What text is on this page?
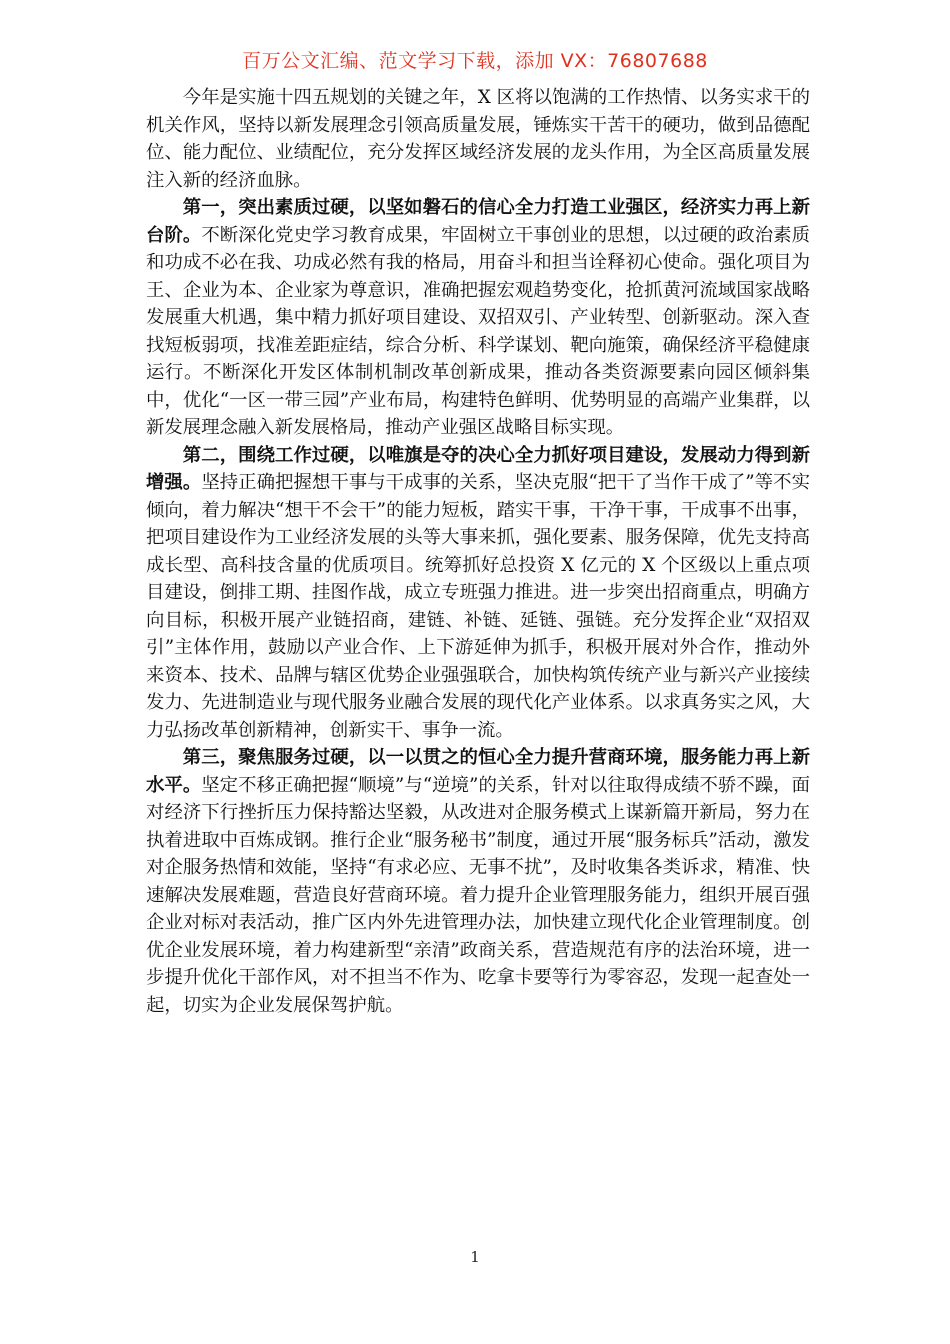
百万公文汇编、范文学习下载，添加 VX：76807688

今年是实施十四五规划的关键之年，X 区将以饱满的工作热情、以务实求干的机关作风，坚持以新发展理念引领高质量发展，锤炼实干苦干的硬功，做到品德配位、能力配位、业绩配位，充分发挥区域经济发展的龙头作用，为全区高质量发展注入新的经济血脉。

第一，突出素质过硬，以坚如磐石的信心全力打造工业强区，经济实力再上新台阶。不断深化党史学习教育成果，牢固树立干事创业的思想，以过硬的政治素质和功成不必在我、功成必然有我的格局，用奋斗和担当诠释初心使命。强化项目为王、企业为本、企业家为尊意识，准确把握宏观趋势变化，抢抓黄河流域国家战略发展重大机遇，集中精力抓好项目建设、双招双引、产业转型、创新驱动。深入查找短板弱项，找准差距症结，综合分析、科学谋划、靶向施策，确保经济平稳健康运行。不断深化开发区体制机制改革创新成果，推动各类资源要素向园区倾斜集中，优化“一区一带三园”产业布局，构建特色鲜明、优势明显的高端产业集群，以新发展理念融入新发展格局，推动产业强区战略目标实现。

第二，围绕工作过硬，以唯旗是夺的决心全力抓好项目建设，发展动力得到新增强。坚持正确把握想干事与干成事的关系，坚决克服“把干了当作干成了”等不实倾向，着力解决“想干不会干”的能力短板，踏实干事，干净干事，干成事不出事，把项目建设作为工业经济发展的头等大事来抓，强化要素、服务保障，优先支持高成长型、高科技含量的优质项目。统筹抓好总投资 X 亿元的 X 个区级以上重点项目建设，倒排工期、挂图作战，成立专班强力推进。进一步突出招商重点，明确方向目标，积极开展产业链招商，建链、补链、延链、强链。充分发挥企业“双招双引”主体作用，鼓励以产业合作、上下游延伸为抓手，积极开展对外合作，推动外来资本、技术、品牌与辖区优势企业强强联合，加快构筑传统产业与新兴产业接续发力、先进制造业与现代服务业融合发展的现代化产业体系。以求真务实之风，大力弘扬改革创新精神，创新实干、事争一流。

第三，聚焦服务过硬，以一以贯之的恒心全力提升营商环境，服务能力再上新水平。坚定不移正确把握“顺境”与“逆境”的关系，针对以往取得成绩不骄不躁，面对经济下行挫折压力保持豁达坚毅，从改进对企服务模式上谋新篇开新局，努力在执着进取中百炼成钢。推行企业“服务秘书”制度，通过开展“服务标兵”活动，激发对企服务热情和效能，坚持“有求必应、无事不扰”，及时收集各类诉求，精准、快速解决发展难题，营造良好营商环境。着力提升企业管理服务能力，组织开展百强企业对标对表活动，推广区内外先进管理办法，加快建立现代化企业管理制度。创优企业发展环境，着力构建新型“亲清”政商关系，营造规范有序的法治环境，进一步提升优化干部作风，对不担当不作为、吃拿卡要等行为零容忍，发现一起查处一起，切实为企业发展保驾护航。

1
